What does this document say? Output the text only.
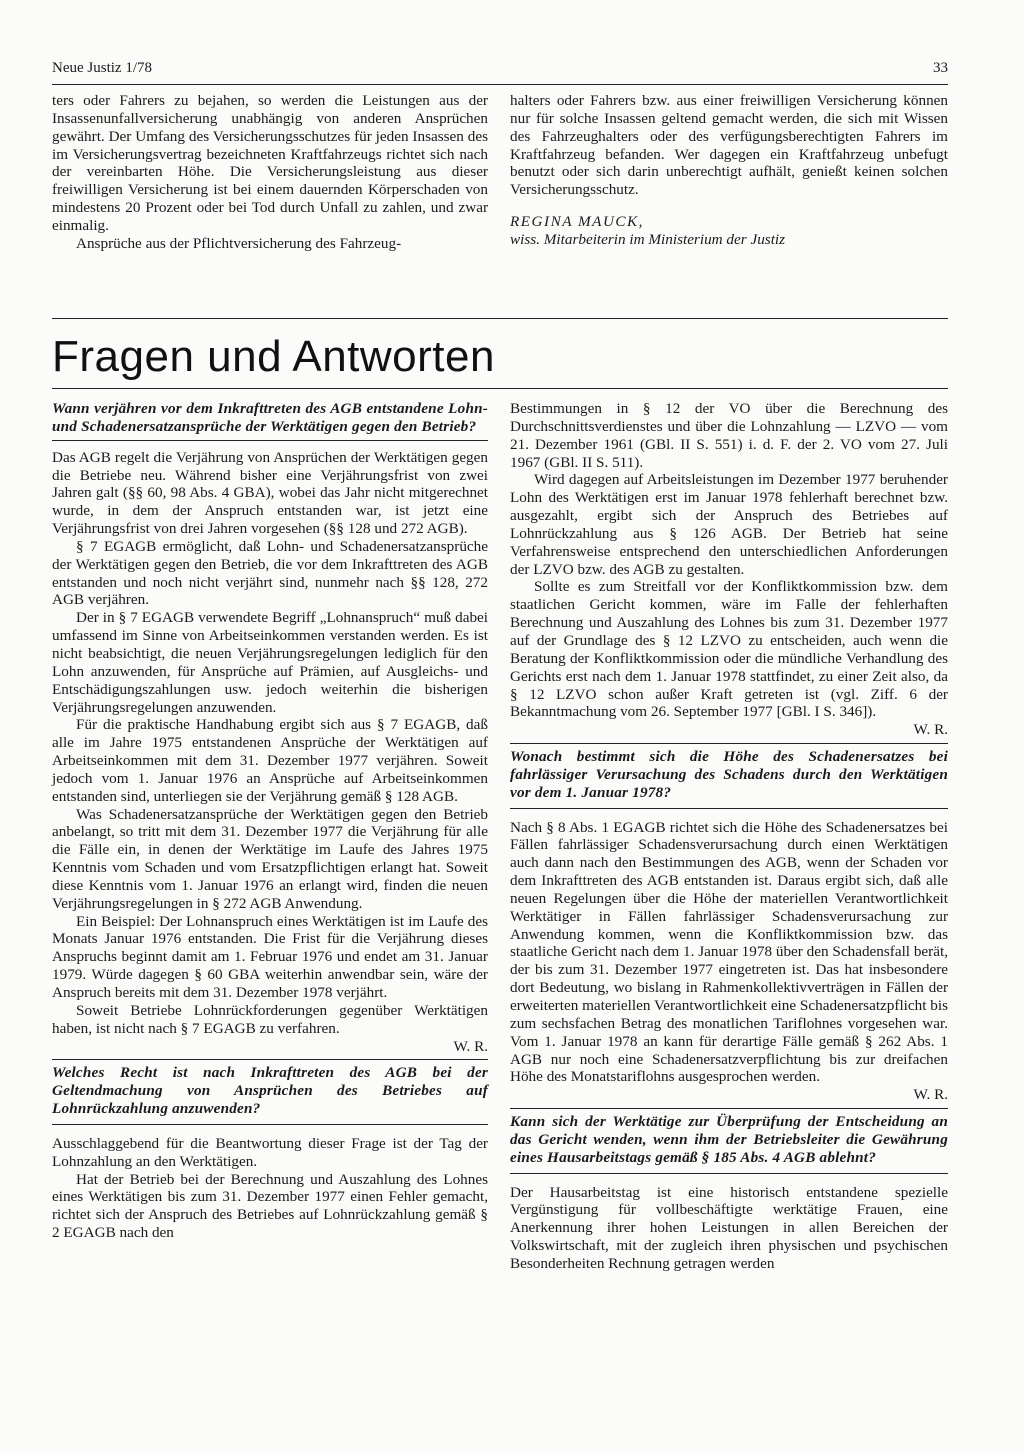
Neue Justiz 1/78	33

ters oder Fahrers zu bejahen, so werden die Leistungen aus der Insassenunfallversicherung unabhängig von anderen Ansprüchen gewährt. Der Umfang des Versicherungsschutzes für jeden Insassen des im Versicherungsvertrag bezeichneten Kraftfahrzeugs richtet sich nach der vereinbarten Höhe. Die Versicherungsleistung aus dieser freiwilligen Versicherung ist bei einem dauernden Körperschaden von mindestens 20 Prozent oder bei Tod durch Unfall zu zahlen, und zwar einmalig.

Ansprüche aus der Pflichtversicherung des Fahrzeug-

halters oder Fahrers bzw. aus einer freiwilligen Versicherung können nur für solche Insassen geltend gemacht werden, die sich mit Wissen des Fahrzeughalters oder des verfügungsberechtigten Fahrers im Kraftfahrzeug befanden. Wer dagegen ein Kraftfahrzeug unbefugt benutzt oder sich darin unberechtigt aufhält, genießt keinen solchen Versicherungsschutz.

REGINA MAUCK,

wiss. Mitarbeiterin im Ministerium der Justiz

Fragen und Antworten

Wann verjähren vor dem Inkrafttreten des AGB entstandene Lohn- und Schadenersatzansprüche der Werktätigen gegen den Betrieb?

Das AGB regelt die Verjährung von Ansprüchen der Werktätigen gegen die Betriebe neu. Während bisher eine Verjährungsfrist von zwei Jahren galt (§§ 60, 98 Abs. 4 GBA), wobei das Jahr nicht mitgerechnet wurde, in dem der Anspruch entstanden war, ist jetzt eine Verjährungsfrist von drei Jahren vorgesehen (§§ 128 und 272 AGB).

§ 7 EGAGB ermöglicht, daß Lohn- und Schadenersatzansprüche der Werktätigen gegen den Betrieb, die vor dem Inkrafttreten des AGB entstanden und noch nicht verjährt sind, nunmehr nach §§ 128, 272 AGB verjähren.

Der in § 7 EGAGB verwendete Begriff „Lohnanspruch“ muß dabei umfassend im Sinne von Arbeitseinkommen verstanden werden. Es ist nicht beabsichtigt, die neuen Verjährungsregelungen lediglich für den Lohn anzuwenden, für Ansprüche auf Prämien, auf Ausgleichs- und Entschädigungszahlungen usw. jedoch weiterhin die bisherigen Verjährungsregelungen anzuwenden.

Für die praktische Handhabung ergibt sich aus § 7 EGAGB, daß alle im Jahre 1975 entstandenen Ansprüche der Werktätigen auf Arbeitseinkommen mit dem 31. Dezember 1977 verjähren. Soweit jedoch vom 1. Januar 1976 an Ansprüche auf Arbeitseinkommen entstanden sind, unterliegen sie der Verjährung gemäß § 128 AGB.

Was Schadenersatzansprüche der Werktätigen gegen den Betrieb anbelangt, so tritt mit dem 31. Dezember 1977 die Verjährung für alle die Fälle ein, in denen der Werktätige im Laufe des Jahres 1975 Kenntnis vom Schaden und vom Ersatzpflichtigen erlangt hat. Soweit diese Kenntnis vom 1. Januar 1976 an erlangt wird, finden die neuen Verjährungsregelungen in § 272 AGB Anwendung.

Ein Beispiel: Der Lohnanspruch eines Werktätigen ist im Laufe des Monats Januar 1976 entstanden. Die Frist für die Verjährung dieses Anspruchs beginnt damit am 1. Februar 1976 und endet am 31. Januar 1979. Würde dagegen § 60 GBA weiterhin anwendbar sein, wäre der Anspruch bereits mit dem 31. Dezember 1978 verjährt.

Soweit Betriebe Lohnrückforderungen gegenüber Werktätigen haben, ist nicht nach § 7 EGAGB zu verfahren.

W. R.

Welches Recht ist nach Inkrafttreten des AGB bei der Geltendmachung von Ansprüchen des Betriebes auf Lohnrückzahlung anzuwenden?

Ausschlaggebend für die Beantwortung dieser Frage ist der Tag der Lohnzahlung an den Werktätigen.

Hat der Betrieb bei der Berechnung und Auszahlung des Lohnes eines Werktätigen bis zum 31. Dezember 1977 einen Fehler gemacht, richtet sich der Anspruch des Betriebes auf Lohnrückzahlung gemäß § 2 EGAGB nach den

Bestimmungen in § 12 der VO über die Berechnung des Durchschnittsverdienstes und über die Lohnzahlung — LZVO — vom 21. Dezember 1961 (GBl. II S. 551) i. d. F. der 2. VO vom 27. Juli 1967 (GBl. II S. 511).

Wird dagegen auf Arbeitsleistungen im Dezember 1977 beruhender Lohn des Werktätigen erst im Januar 1978 fehlerhaft berechnet bzw. ausgezahlt, ergibt sich der Anspruch des Betriebes auf Lohnrückzahlung aus § 126 AGB. Der Betrieb hat seine Verfahrensweise entsprechend den unterschiedlichen Anforderungen der LZVO bzw. des AGB zu gestalten.

Sollte es zum Streitfall vor der Konfliktkommission bzw. dem staatlichen Gericht kommen, wäre im Falle der fehlerhaften Berechnung und Auszahlung des Lohnes bis zum 31. Dezember 1977 auf der Grundlage des § 12 LZVO zu entscheiden, auch wenn die Beratung der Konfliktkommission oder die mündliche Verhandlung des Gerichts erst nach dem 1. Januar 1978 stattfindet, zu einer Zeit also, da § 12 LZVO schon außer Kraft getreten ist (vgl. Ziff. 6 der Bekanntmachung vom 26. September 1977 [GBl. I S. 346]).

W. R.

Wonach bestimmt sich die Höhe des Schadenersatzes bei fahrlässiger Verursachung des Schadens durch den Werktätigen vor dem 1. Januar 1978?

Nach § 8 Abs. 1 EGAGB richtet sich die Höhe des Schadenersatzes bei Fällen fahrlässiger Schadensverursachung durch einen Werktätigen auch dann nach den Bestimmungen des AGB, wenn der Schaden vor dem Inkrafttreten des AGB entstanden ist. Daraus ergibt sich, daß alle neuen Regelungen über die Höhe der materiellen Verantwortlichkeit Werktätiger in Fällen fahrlässiger Schadensverursachung zur Anwendung kommen, wenn die Konfliktkommission bzw. das staatliche Gericht nach dem 1. Januar 1978 über den Schadensfall berät, der bis zum 31. Dezember 1977 eingetreten ist. Das hat insbesondere dort Bedeutung, wo bislang in Rahmenkollektivverträgen in Fällen der erweiterten materiellen Verantwortlichkeit eine Schadenersatzpflicht bis zum sechsfachen Betrag des monatlichen Tariflohnes vorgesehen war. Vom 1. Januar 1978 an kann für derartige Fälle gemäß § 262 Abs. 1 AGB nur noch eine Schadenersatzverpflichtung bis zur dreifachen Höhe des Monatstariflohns ausgesprochen werden.

W. R.

Kann sich der Werktätige zur Überprüfung der Entscheidung an das Gericht wenden, wenn ihm der Betriebsleiter die Gewährung eines Hausarbeitstags gemäß § 185 Abs. 4 AGB ablehnt?

Der Hausarbeitstag ist eine historisch entstandene spezielle Vergünstigung für vollbeschäftigte werktätige Frauen, eine Anerkennung ihrer hohen Leistungen in allen Bereichen der Volkswirtschaft, mit der zugleich ihren physischen und psychischen Besonderheiten Rechnung getragen werden
